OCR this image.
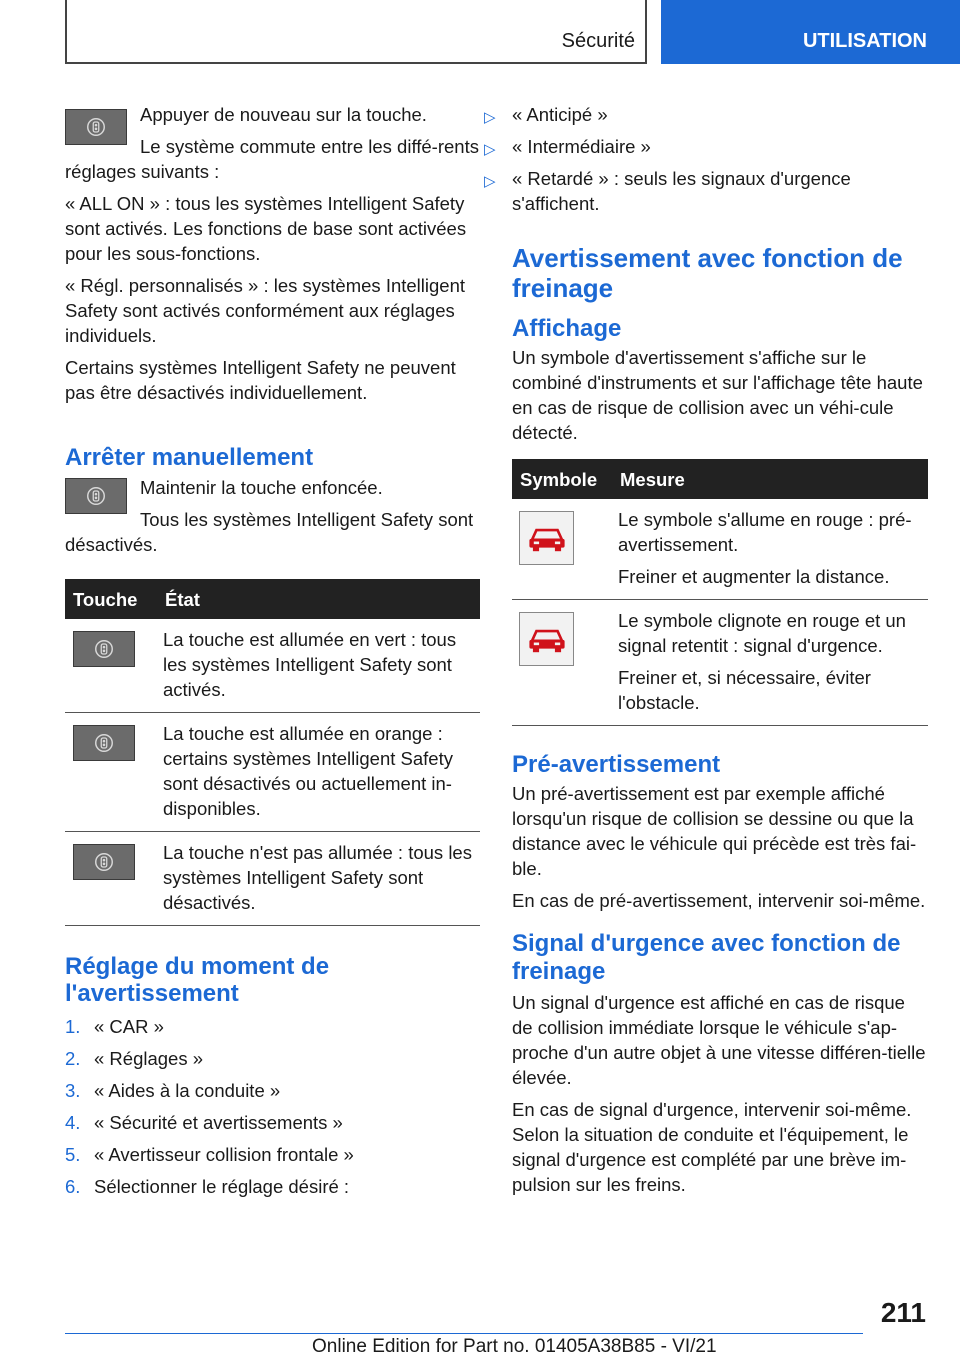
Sécurité	UTILISATION

Appuyer de nouveau sur la touche.

Le système commute entre les diffé-rents réglages suivants :

« ALL ON » : tous les systèmes Intelligent Safety sont activés. Les fonctions de base sont activées pour les sous-fonctions.

« Régl. personnalisés » : les systèmes Intelligent Safety sont activés conformément aux réglages individuels.

Certains systèmes Intelligent Safety ne peuvent pas être désactivés individuellement.

Arrêter manuellement

Maintenir la touche enfoncée.

Tous les systèmes Intelligent Safety sont désactivés.

Touche	État

La touche est allumée en vert : tous les systèmes Intelligent Safety sont activés.

La touche est allumée en orange : certains systèmes Intelligent Safety sont désactivés ou actuellement in-disponibles.

La touche n'est pas allumée : tous les systèmes Intelligent Safety sont désactivés.

Réglage du moment de l'avertissement
1. « CAR »
2. « Réglages »
3. « Aides à la conduite »
4. « Sécurité et avertissements »
5. « Avertisseur collision frontale »
6. Sélectionner le réglage désiré :
▷ « Anticipé »
▷ « Intermédiaire »
▷ « Retardé » : seuls les signaux d'urgence s'affichent.
Avertissement avec fonction de freinage
Affichage

Un symbole d'avertissement s'affiche sur le combiné d'instruments et sur l'affichage tête haute en cas de risque de collision avec un véhi-cule détecté.

Symbole	Mesure

Le symbole s'allume en rouge : pré-avertissement.

Freiner et augmenter la distance.

Le symbole clignote en rouge et un signal retentit : signal d'urgence.

Freiner et, si nécessaire, éviter l'obstacle.

Pré-avertissement

Un pré-avertissement est par exemple affiché lorsqu'un risque de collision se dessine ou que la distance avec le véhicule qui précède est très fai-ble.

En cas de pré-avertissement, intervenir soi-même.

Signal d'urgence avec fonction de freinage

Un signal d'urgence est affiché en cas de risque de collision immédiate lorsque le véhicule s'ap-proche d'un autre objet à une vitesse différen-tielle élevée.

En cas de signal d'urgence, intervenir soi-même. Selon la situation de conduite et l'équipement, le signal d'urgence est complété par une brève im-pulsion sur les freins.

211
Online Edition for Part no. 01405A38B85 - VI/21
